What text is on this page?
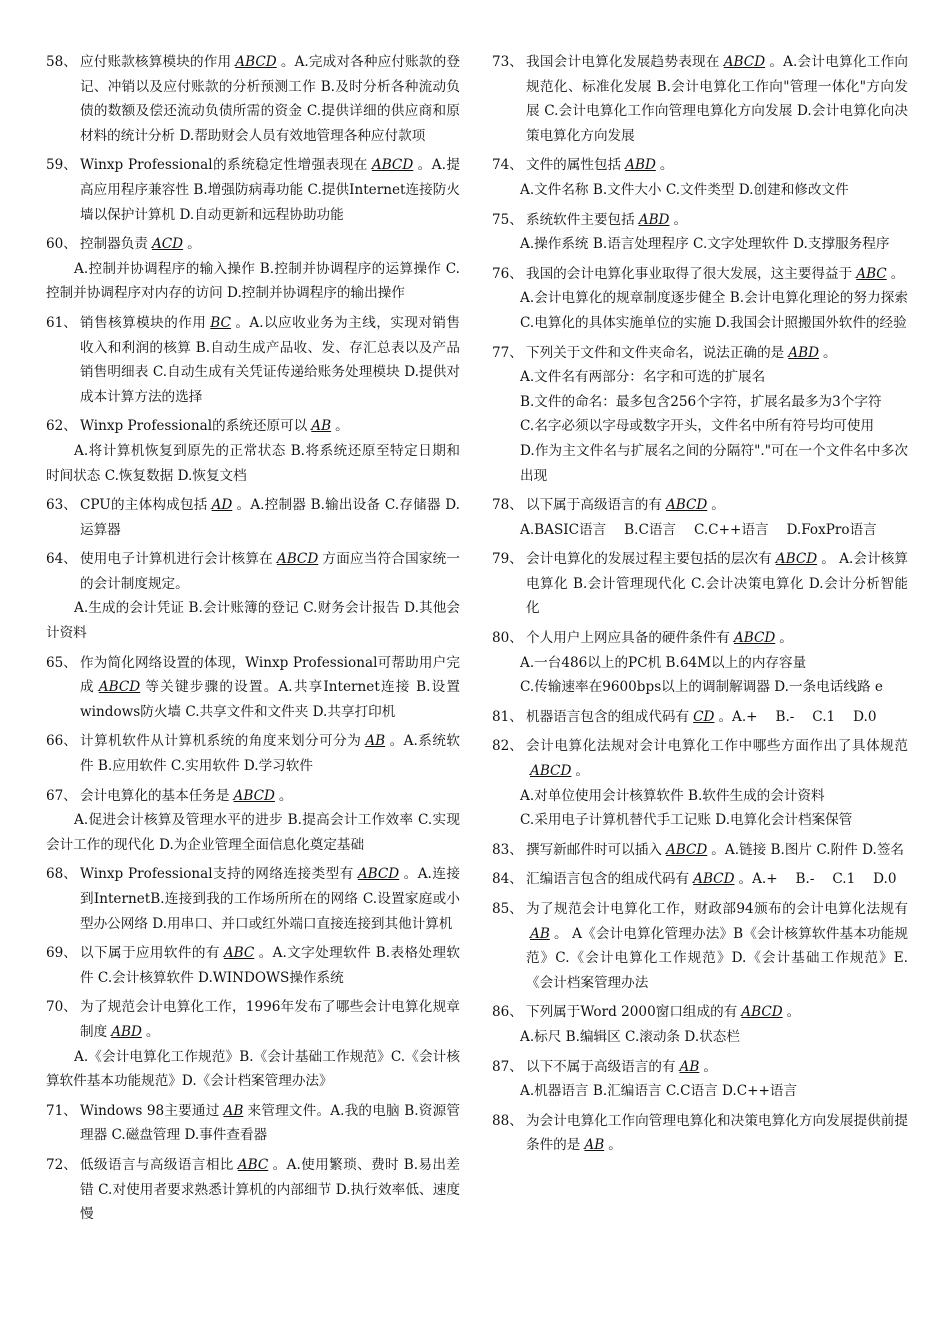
58、 应付账款核算模块的作用 ABCD 。A.完成对各种应付账款的登记、冲销以及应付账款的分析预测工作 B.及时分析各种流动负债的数额及偿还流动负债所需的资金 C.提供详细的供应商和原材料的统计分析 D.帮助财会人员有效地管理各种应付款项
59、 Winxp Professional的系统稳定性增强表现在 ABCD 。A.提高应用程序兼容性 B.增强防病毒功能 C.提供Internet连接防火墙以保护计算机 D.自动更新和远程协助功能
60、 控制器负责 ACD 。
A.控制并协调程序的输入操作 B.控制并协调程序的运算操作 C.控制并协调程序对内存的访问 D.控制并协调程序的输出操作
61、 销售核算模块的作用 BC 。A.以应收业务为主线，实现对销售收入和利润的核算 B.自动生成产品收、发、存汇总表以及产品销售明细表 C.自动生成有关凭证传递给账务处理模块 D.提供对成本计算方法的选择
62、 Winxp Professional的系统还原可以 AB 。
A.将计算机恢复到原先的正常状态 B.将系统还原至特定日期和时间状态 C.恢复数据 D.恢复文档
63、 CPU的主体构成包括 AD 。A.控制器 B.输出设备 C.存储器 D.运算器
64、 使用电子计算机进行会计核算在 ABCD 方面应当符合国家统一的会计制度规定。
A.生成的会计凭证 B.会计账簿的登记 C.财务会计报告 D.其他会计资料
65、 作为简化网络设置的体现，Winxp Professional可帮助用户完成 ABCD 等关键步骤的设置。A.共享Internet连接 B.设置windows防火墙 C.共享文件和文件夹 D.共享打印机
66、 计算机软件从计算机系统的角度来划分可分为 AB 。A.系统软件 B.应用软件 C.实用软件 D.学习软件
67、 会计电算化的基本任务是 ABCD 。
A.促进会计核算及管理水平的进步 B.提高会计工作效率 C.实现会计工作的现代化 D.为企业管理全面信息化奠定基础
68、 Winxp Professional支持的网络连接类型有 ABCD 。A.连接到InternetB.连接到我的工作场所所在的网络 C.设置家庭或小型办公网络 D.用串口、并口或红外端口直接连接到其他计算机
69、 以下属于应用软件的有 ABC 。A.文字处理软件 B.表格处理软件 C.会计核算软件 D.WINDOWS操作系统
70、 为了规范会计电算化工作，1996年发布了哪些会计电算化规章制度 ABD 。
A.《会计电算化工作规范》B.《会计基础工作规范》C.《会计核算软件基本功能规范》D.《会计档案管理办法》
71、 Windows 98主要通过 AB 来管理文件。A.我的电脑 B.资源管理器 C.磁盘管理 D.事件查看器
72、 低级语言与高级语言相比 ABC 。A.使用繁琐、费时 B.易出差错 C.对使用者要求熟悉计算机的内部细节 D.执行效率低、速度慢
73、 我国会计电算化发展趋势表现在 ABCD 。A.会计电算化工作向规范化、标准化发展 B.会计电算化工作向"管理一体化"方向发展 C.会计电算化工作向管理电算化方向发展 D.会计电算化向决策电算化方向发展
74、 文件的属性包括 ABD 。
A.文件名称 B.文件大小 C.文件类型 D.创建和修改文件
75、 系统软件主要包括 ABD 。
A.操作系统 B.语言处理程序 C.文字处理软件 D.支撑服务程序
76、 我国的会计电算化事业取得了很大发展，这主要得益于 ABC 。
A.会计电算化的规章制度逐步健全 B.会计电算化理论的努力探索 C.电算化的具体实施单位的实施 D.我国会计照搬国外软件的经验
77、 下列关于文件和文件夹命名，说法正确的是 ABD 。
A.文件名有两部分：名字和可选的扩展名
B.文件的命名：最多包含256个字符，扩展名最多为3个字符
C.名字必须以字母或数字开头，文件名中所有符号均可使用
D.作为主文件名与扩展名之间的分隔符"."可在一个文件名中多次出现
78、 以下属于高级语言的有 ABCD 。
A.BASIC语言　 B.C语言　 C.C++语言　 D.FoxPro语言
79、 会计电算化的发展过程主要包括的层次有 ABCD 。 A.会计核算电算化 B.会计管理现代化 C.会计决策电算化 D.会计分析智能化
80、 个人用户上网应具备的硬件条件有 ABCD 。
A.一台486以上的PC机 B.64M以上的内存容量
C.传输速率在9600bps以上的调制解调器 D.一条电话线路 e
81、 机器语言包含的组成代码有 CD 。A.+　 B.-　 C.1　 D.0
82、 会计电算化法规对会计电算化工作中哪些方面作出了具体规范ABCD 。
A.对单位使用会计核算软件 B.软件生成的会计资料
C.采用电子计算机替代手工记账 D.电算化会计档案保管
83、 撰写新邮件时可以插入 ABCD 。A.链接 B.图片 C.附件 D.签名
84、 汇编语言包含的组成代码有 ABCD 。A.+　 B.-　 C.1　 D.0
85、 为了规范会计电算化工作，财政部94颁布的会计电算化法规有AB 。 A《会计电算化管理办法》B《会计核算软件基本功能规范》C.《会计电算化工作规范》D.《会计基础工作规范》E.《会计档案管理办法
86、 下列属于Word 2000窗口组成的有 ABCD 。
A.标尺 B.编辑区 C.滚动条 D.状态栏
87、 以下不属于高级语言的有 AB 。
A.机器语言 B.汇编语言 C.C语言 D.C++语言
88、 为会计电算化工作向管理电算化和决策电算化方向发展提供前提条件的是 AB 。
